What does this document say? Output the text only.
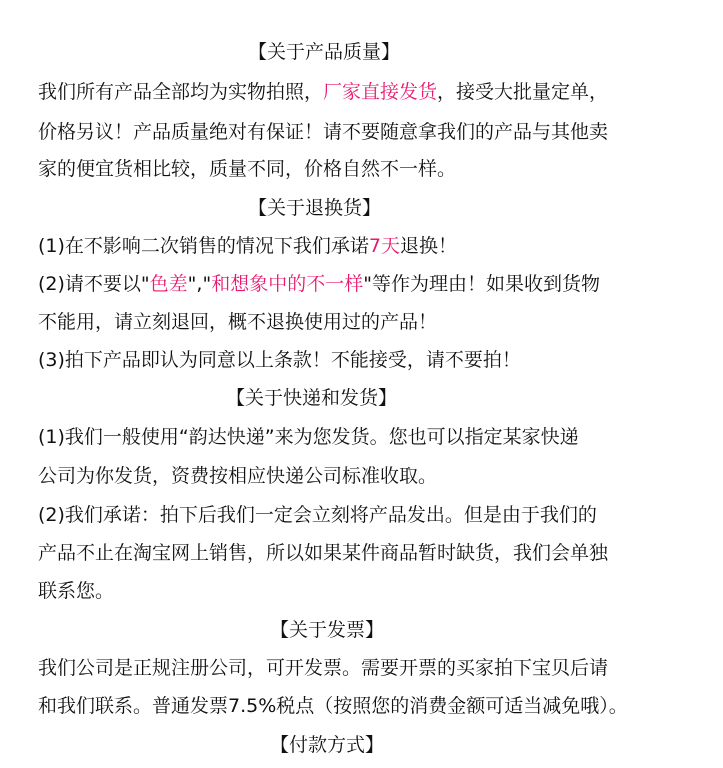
【关于产品质量】
我们所有产品全部均为实物拍照，厂家直接发货，接受大批量定单，
价格另议！产品质量绝对有保证！请不要随意拿我们的产品与其他卖
家的便宜货相比较，质量不同，价格自然不一样。
【关于退换货】
(1)在不影响二次销售的情况下我们承诺7天退换！
(2)请不要以"色差","和想象中的不一样"等作为理由！如果收到货物
不能用，请立刻退回，概不退换使用过的产品！
(3)拍下产品即认为同意以上条款！不能接受，请不要拍！
【关于快递和发货】
(1)我们一般使用“韵达快递”来为您发货。您也可以指定某家快递
公司为你发货，资费按相应快递公司标准收取。
(2)我们承诺：拍下后我们一定会立刻将产品发出。但是由于我们的
产品不止在淘宝网上销售，所以如果某件商品暂时缺货，我们会单独
联系您。
【关于发票】
我们公司是正规注册公司，可开发票。需要开票的买家拍下宝贝后请
和我们联系。普通发票7.5%税点（按照您的消费金额可适当减免哦）。
【付款方式】
